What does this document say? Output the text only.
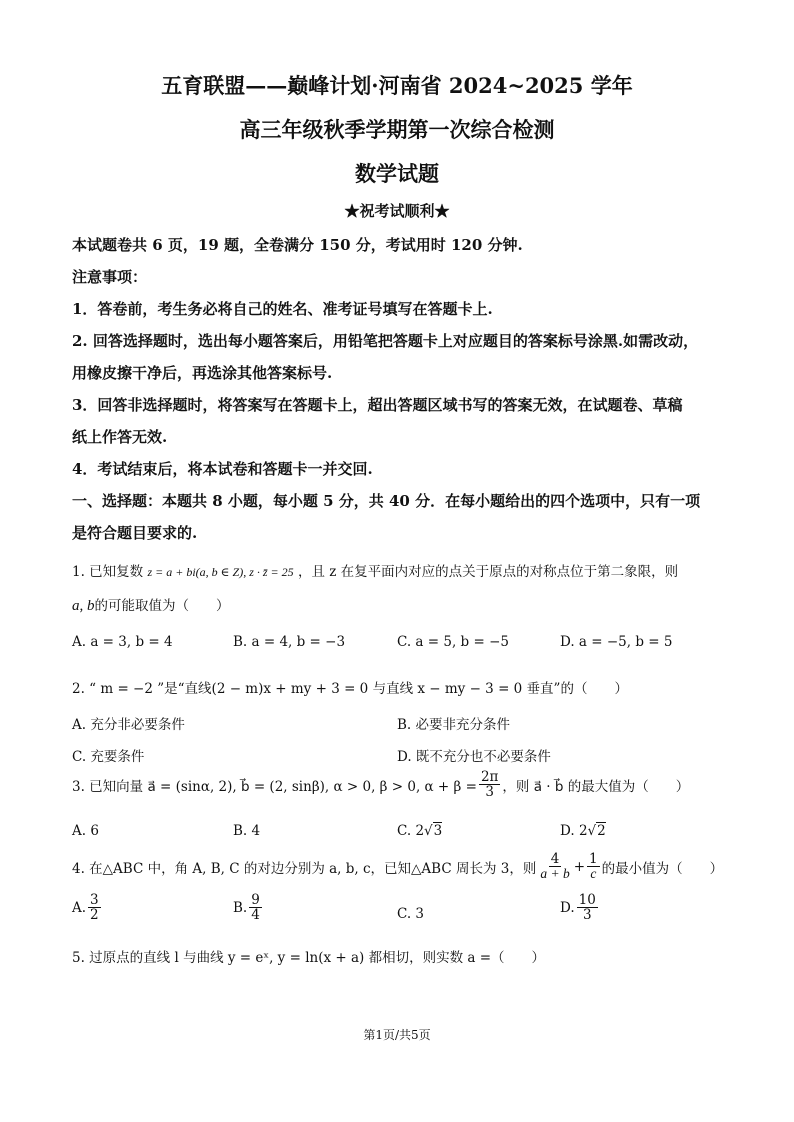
五育联盟——巅峰计划·河南省 2024~2025 学年
高三年级秋季学期第一次综合检测
数学试题
★祝考试顺利★
本试题卷共 6 页，19 题，全卷满分 150 分，考试用时 120 分钟.
注意事项：
1．答卷前，考生务必将自己的姓名、准考证号填写在答题卡上.
2. 回答选择题时，选出每小题答案后，用铅笔把答题卡上对应题目的答案标号涂黑.如需改动，
用橡皮擦干净后，再选涂其他答案标号.
3．回答非选择题时，将答案写在答题卡上，超出答题区域书写的答案无效，在试题卷、草稿
纸上作答无效.
4．考试结束后，将本试卷和答题卡一并交回.
一、选择题：本题共 8 小题，每小题 5 分，共 40 分．在每小题给出的四个选项中，只有一项
是符合题目要求的.
1. 已知复数 z = a + bi(a, b ∈ Z), z · z̄ = 25 ，且 z 在复平面内对应的点关于原点的对称点位于第二象限，则
a, b的可能取值为（　　）
A. a = 3, b = 4	B. a = 4, b = −3	C. a = 5, b = −5	D. a = −5, b = 5
2. “ m = −2 ”是“直线(2 − m)x + my + 3 = 0 与直线 x − my − 3 = 0 垂直”的（　　）
A. 充分非必要条件	B. 必要非充分条件
C. 充要条件	D. 既不充分也不必要条件
3. 已知向量 a⃗ = (sinα, 2), b⃗ = (2, sinβ), α > 0, β > 0, $\alpha + \beta = \frac{2\pi}{3}$ ，则 a⃗ · b⃗ 的最大值为（　　）
A. 6	B. 4	C. 2√3	D. 2√2
4. 在△ABC 中，角 A, B, C 的对边分别为 a, b, c，已知△ABC 周长为 3，则 $\frac{4}{a + b} + \frac{1}{c}$ 的最小值为（　　）
A. $\frac{3}{2}$	B. $\frac{9}{4}$	C. 3	D. $\frac{10}{3}$
5. 过原点的直线 l 与曲线 y = eˣ, y = ln(x + a) 都相切，则实数 a =（　　）
第1页/共5页
